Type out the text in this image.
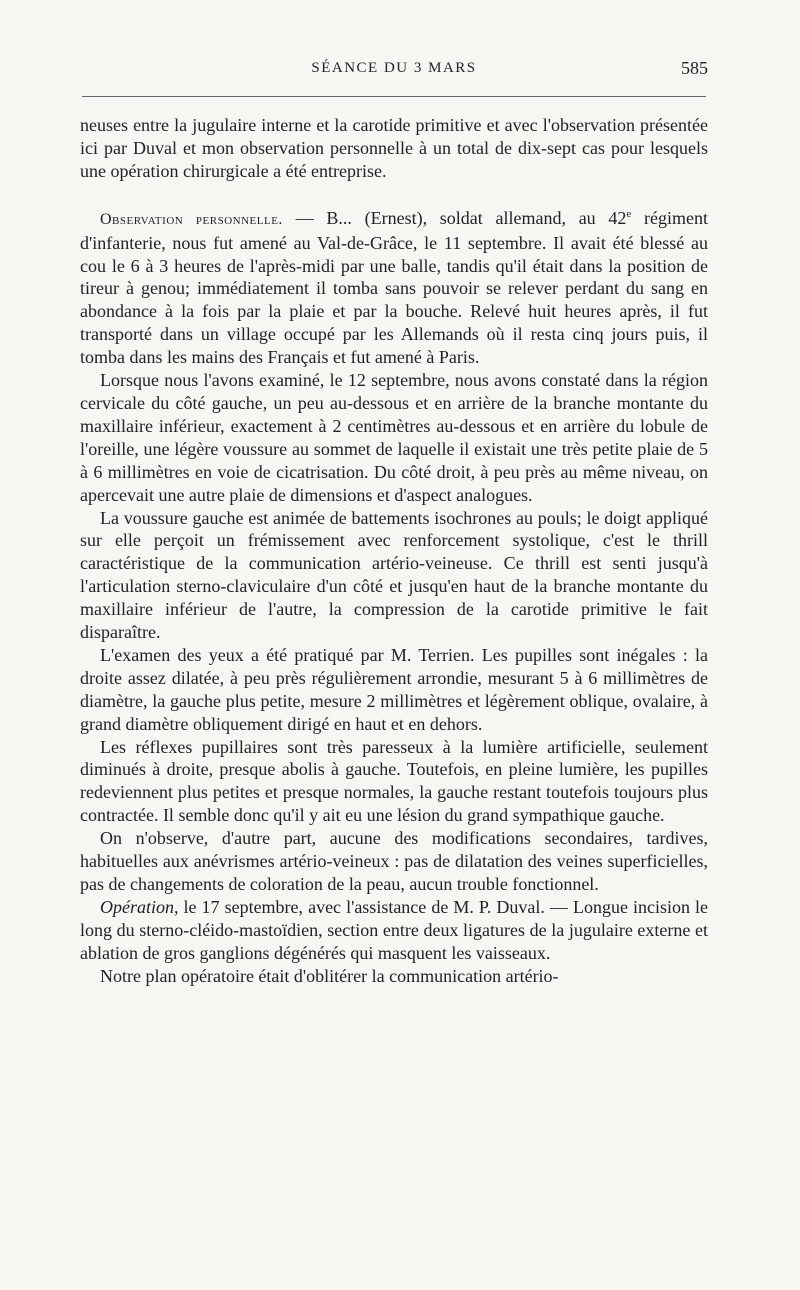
SÉANCE DU 3 MARS	585

neuses entre la jugulaire interne et la carotide primitive et avec l'observation présentée ici par Duval et mon observation personnelle à un total de dix-sept cas pour lesquels une opération chirurgicale a été entreprise.

Observation personnelle. — B... (Ernest), soldat allemand, au 42e régiment d'infanterie, nous fut amené au Val-de-Grâce, le 11 septembre. Il avait été blessé au cou le 6 à 3 heures de l'après-midi par une balle, tandis qu'il était dans la position de tireur à genou; immédiatement il tomba sans pouvoir se relever perdant du sang en abondance à la fois par la plaie et par la bouche. Relevé huit heures après, il fut transporté dans un village occupé par les Allemands où il resta cinq jours puis, il tomba dans les mains des Français et fut amené à Paris.

Lorsque nous l'avons examiné, le 12 septembre, nous avons constaté dans la région cervicale du côté gauche, un peu au-dessous et en arrière de la branche montante du maxillaire inférieur, exactement à 2 centimètres au-dessous et en arrière du lobule de l'oreille, une légère voussure au sommet de laquelle il existait une très petite plaie de 5 à 6 millimètres en voie de cicatrisation. Du côté droit, à peu près au même niveau, on apercevait une autre plaie de dimensions et d'aspect analogues.

La voussure gauche est animée de battements isochrones au pouls; le doigt appliqué sur elle perçoit un frémissement avec renforcement systolique, c'est le thrill caractéristique de la communication artério-veineuse. Ce thrill est senti jusqu'à l'articulation sterno-claviculaire d'un côté et jusqu'en haut de la branche montante du maxillaire inférieur de l'autre, la compression de la carotide primitive le fait disparaître.

L'examen des yeux a été pratiqué par M. Terrien. Les pupilles sont inégales : la droite assez dilatée, à peu près régulièrement arrondie, mesurant 5 à 6 millimètres de diamètre, la gauche plus petite, mesure 2 millimètres et légèrement oblique, ovalaire, à grand diamètre obliquement dirigé en haut et en dehors.

Les réflexes pupillaires sont très paresseux à la lumière artificielle, seulement diminués à droite, presque abolis à gauche. Toutefois, en pleine lumière, les pupilles redeviennent plus petites et presque normales, la gauche restant toutefois toujours plus contractée. Il semble donc qu'il y ait eu une lésion du grand sympathique gauche.

On n'observe, d'autre part, aucune des modifications secondaires, tardives, habituelles aux anévrismes artério-veineux : pas de dilatation des veines superficielles, pas de changements de coloration de la peau, aucun trouble fonctionnel.

Opération, le 17 septembre, avec l'assistance de M. P. Duval. — Longue incision le long du sterno-cléido-mastoïdien, section entre deux ligatures de la jugulaire externe et ablation de gros ganglions dégénérés qui masquent les vaisseaux.

Notre plan opératoire était d'oblitérer la communication artério-
